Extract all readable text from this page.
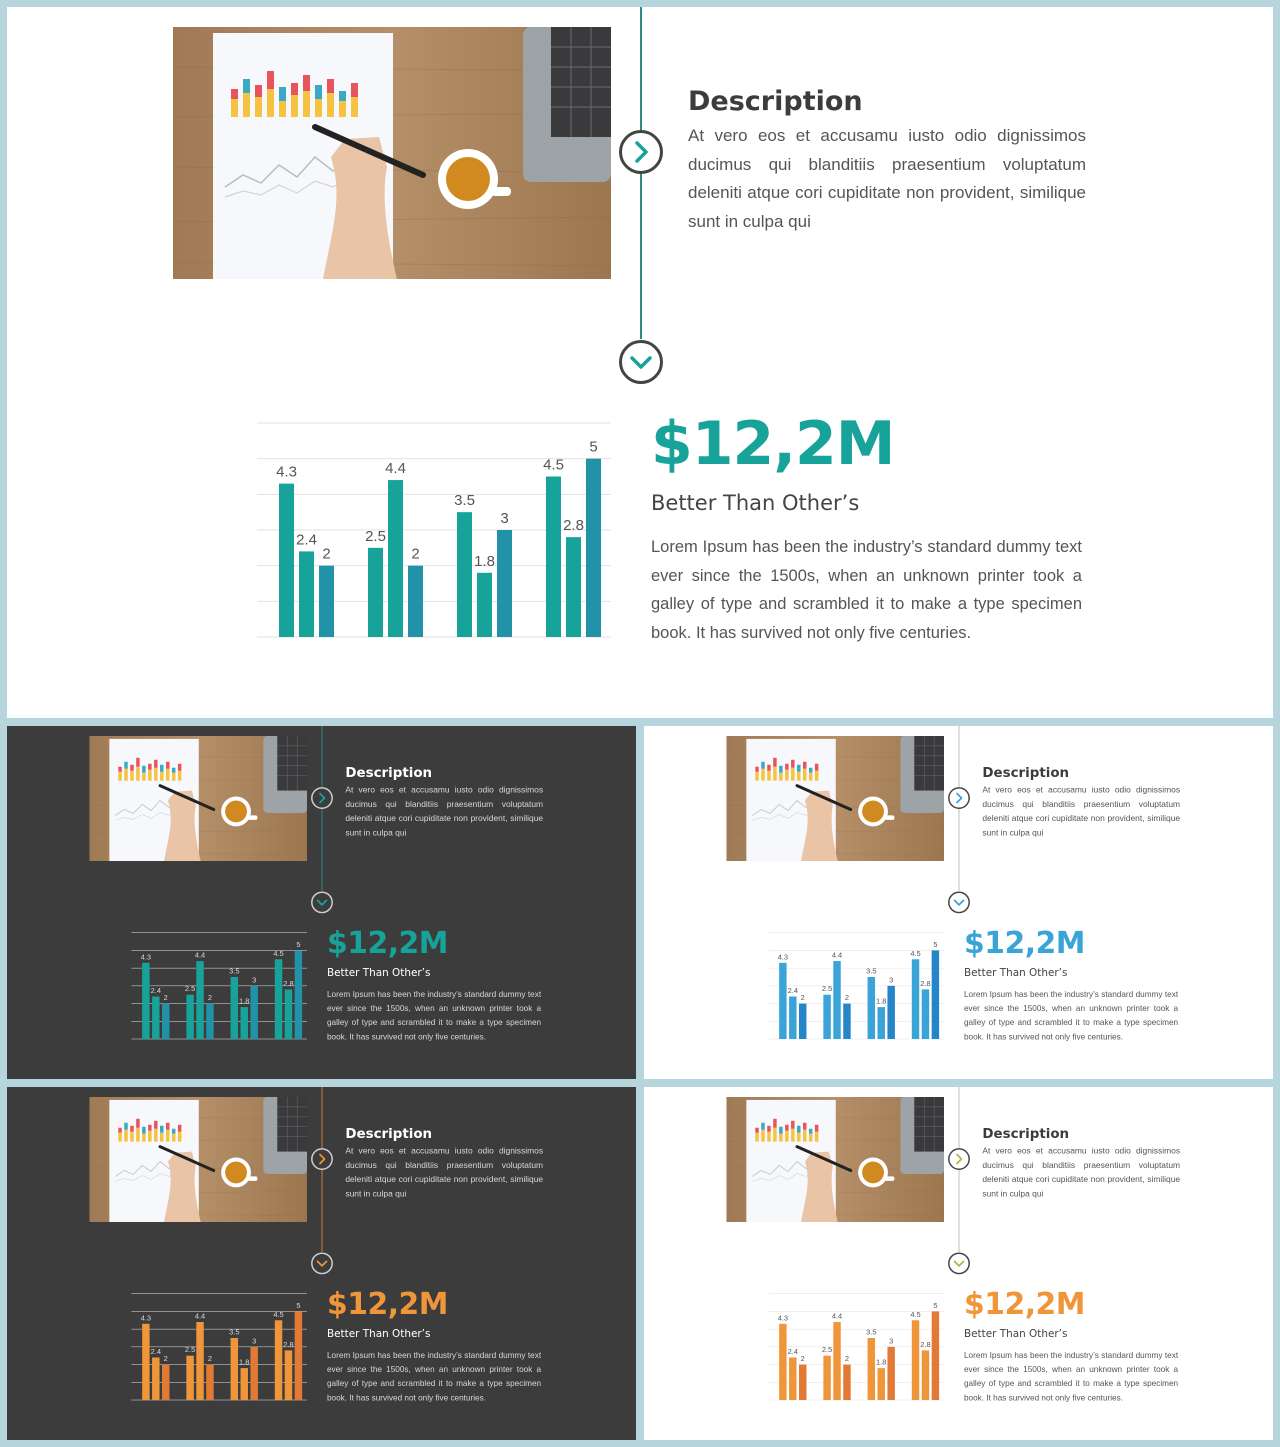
Description

At vero eos et accusamu iusto odio dignissimos ducimus qui blanditiis praesentium voluptatum deleniti atque cori cupiditate non provident, similique sunt in culpa qui

4.3
2.4
2
2.5
4.4
2
3.5
1.8
3
4.5
2.8
5 $12,2M
Better Than Other’s

Lorem Ipsum has been the industry’s standard dummy text ever since the 1500s, when an unknown printer took a galley of type and scrambled it to make a type specimen book. It has survived not only five centuries.

Description

At vero eos et accusamu iusto odio dignissimos ducimus qui blanditiis praesentium voluptatum deleniti atque cori cupiditate non provident, similique sunt in culpa qui

4.3
2.4
2
2.5
4.4
2
3.5
1.8
3
4.5
2.8
5 $12,2M
Better Than Other’s

Lorem Ipsum has been the industry’s standard dummy text ever since the 1500s, when an unknown printer took a galley of type and scrambled it to make a type specimen book. It has survived not only five centuries.

Description

At vero eos et accusamu iusto odio dignissimos ducimus qui blanditiis praesentium voluptatum deleniti atque cori cupiditate non provident, similique sunt in culpa qui

4.3
2.4
2
2.5
4.4
2
3.5
1.8
3
4.5
2.8
5 $12,2M
Better Than Other’s

Lorem Ipsum has been the industry’s standard dummy text ever since the 1500s, when an unknown printer took a galley of type and scrambled it to make a type specimen book. It has survived not only five centuries.

Description

At vero eos et accusamu iusto odio dignissimos ducimus qui blanditiis praesentium voluptatum deleniti atque cori cupiditate non provident, similique sunt in culpa qui

4.3
2.4
2
2.5
4.4
2
3.5
1.8
3
4.5
2.8
5 $12,2M
Better Than Other’s

Lorem Ipsum has been the industry’s standard dummy text ever since the 1500s, when an unknown printer took a galley of type and scrambled it to make a type specimen book. It has survived not only five centuries.

Description

At vero eos et accusamu iusto odio dignissimos ducimus qui blanditiis praesentium voluptatum deleniti atque cori cupiditate non provident, similique sunt in culpa qui

4.3
2.4
2
2.5
4.4
2
3.5
1.8
3
4.5
2.8
5 $12,2M
Better Than Other’s

Lorem Ipsum has been the industry’s standard dummy text ever since the 1500s, when an unknown printer took a galley of type and scrambled it to make a type specimen book. It has survived not only five centuries.
